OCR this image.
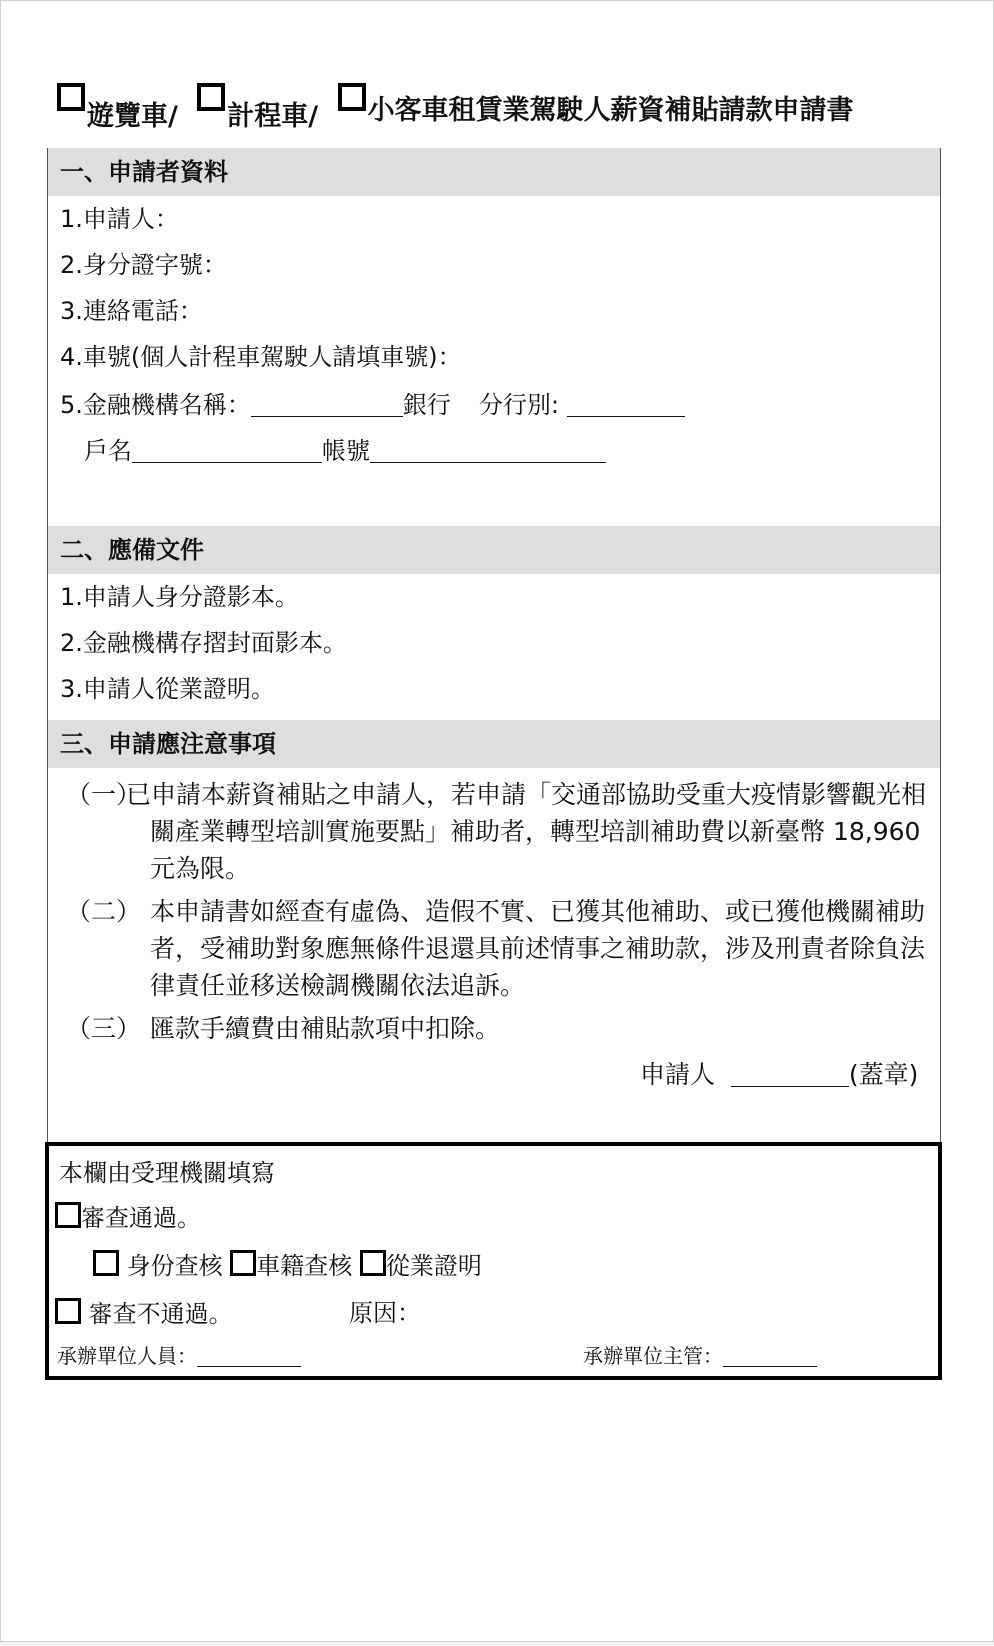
遊覽車/ 計程車/ 小客車租賃業駕駛人薪資補貼請款申請書
一、申請者資料
1.申請人：
2.身分證字號：
3.連絡電話：
4.車號(個人計程車駕駛人請填車號)：
5.金融機構名稱：	銀行 分行別:
戶名	帳號
二、應備文件
1.申請人身分證影本。
2.金融機構存摺封面影本。
3.申請人從業證明。
三、申請應注意事項
（一）
已申請本薪資補貼之申請人，若申請「交通部協助受重大疫情影響觀光相關產業轉型培訓實施要點」補助者，轉型培訓補助費以新臺幣 18,960 元為限。
（二） 本申請書如經查有虛偽、造假不實、已獲其他補助、或已獲他機關補助者，受補助對象應無條件退還具前述情事之補助款，涉及刑責者除負法律責任並移送檢調機關依法追訴。
（三） 匯款手續費由補貼款項中扣除。
申請人	(蓋章)
本欄由受理機關填寫
審查通過。
身份查核 車籍查核 從業證明
審查不通過。	原因：
承辦單位人員：	承辦單位主管：
